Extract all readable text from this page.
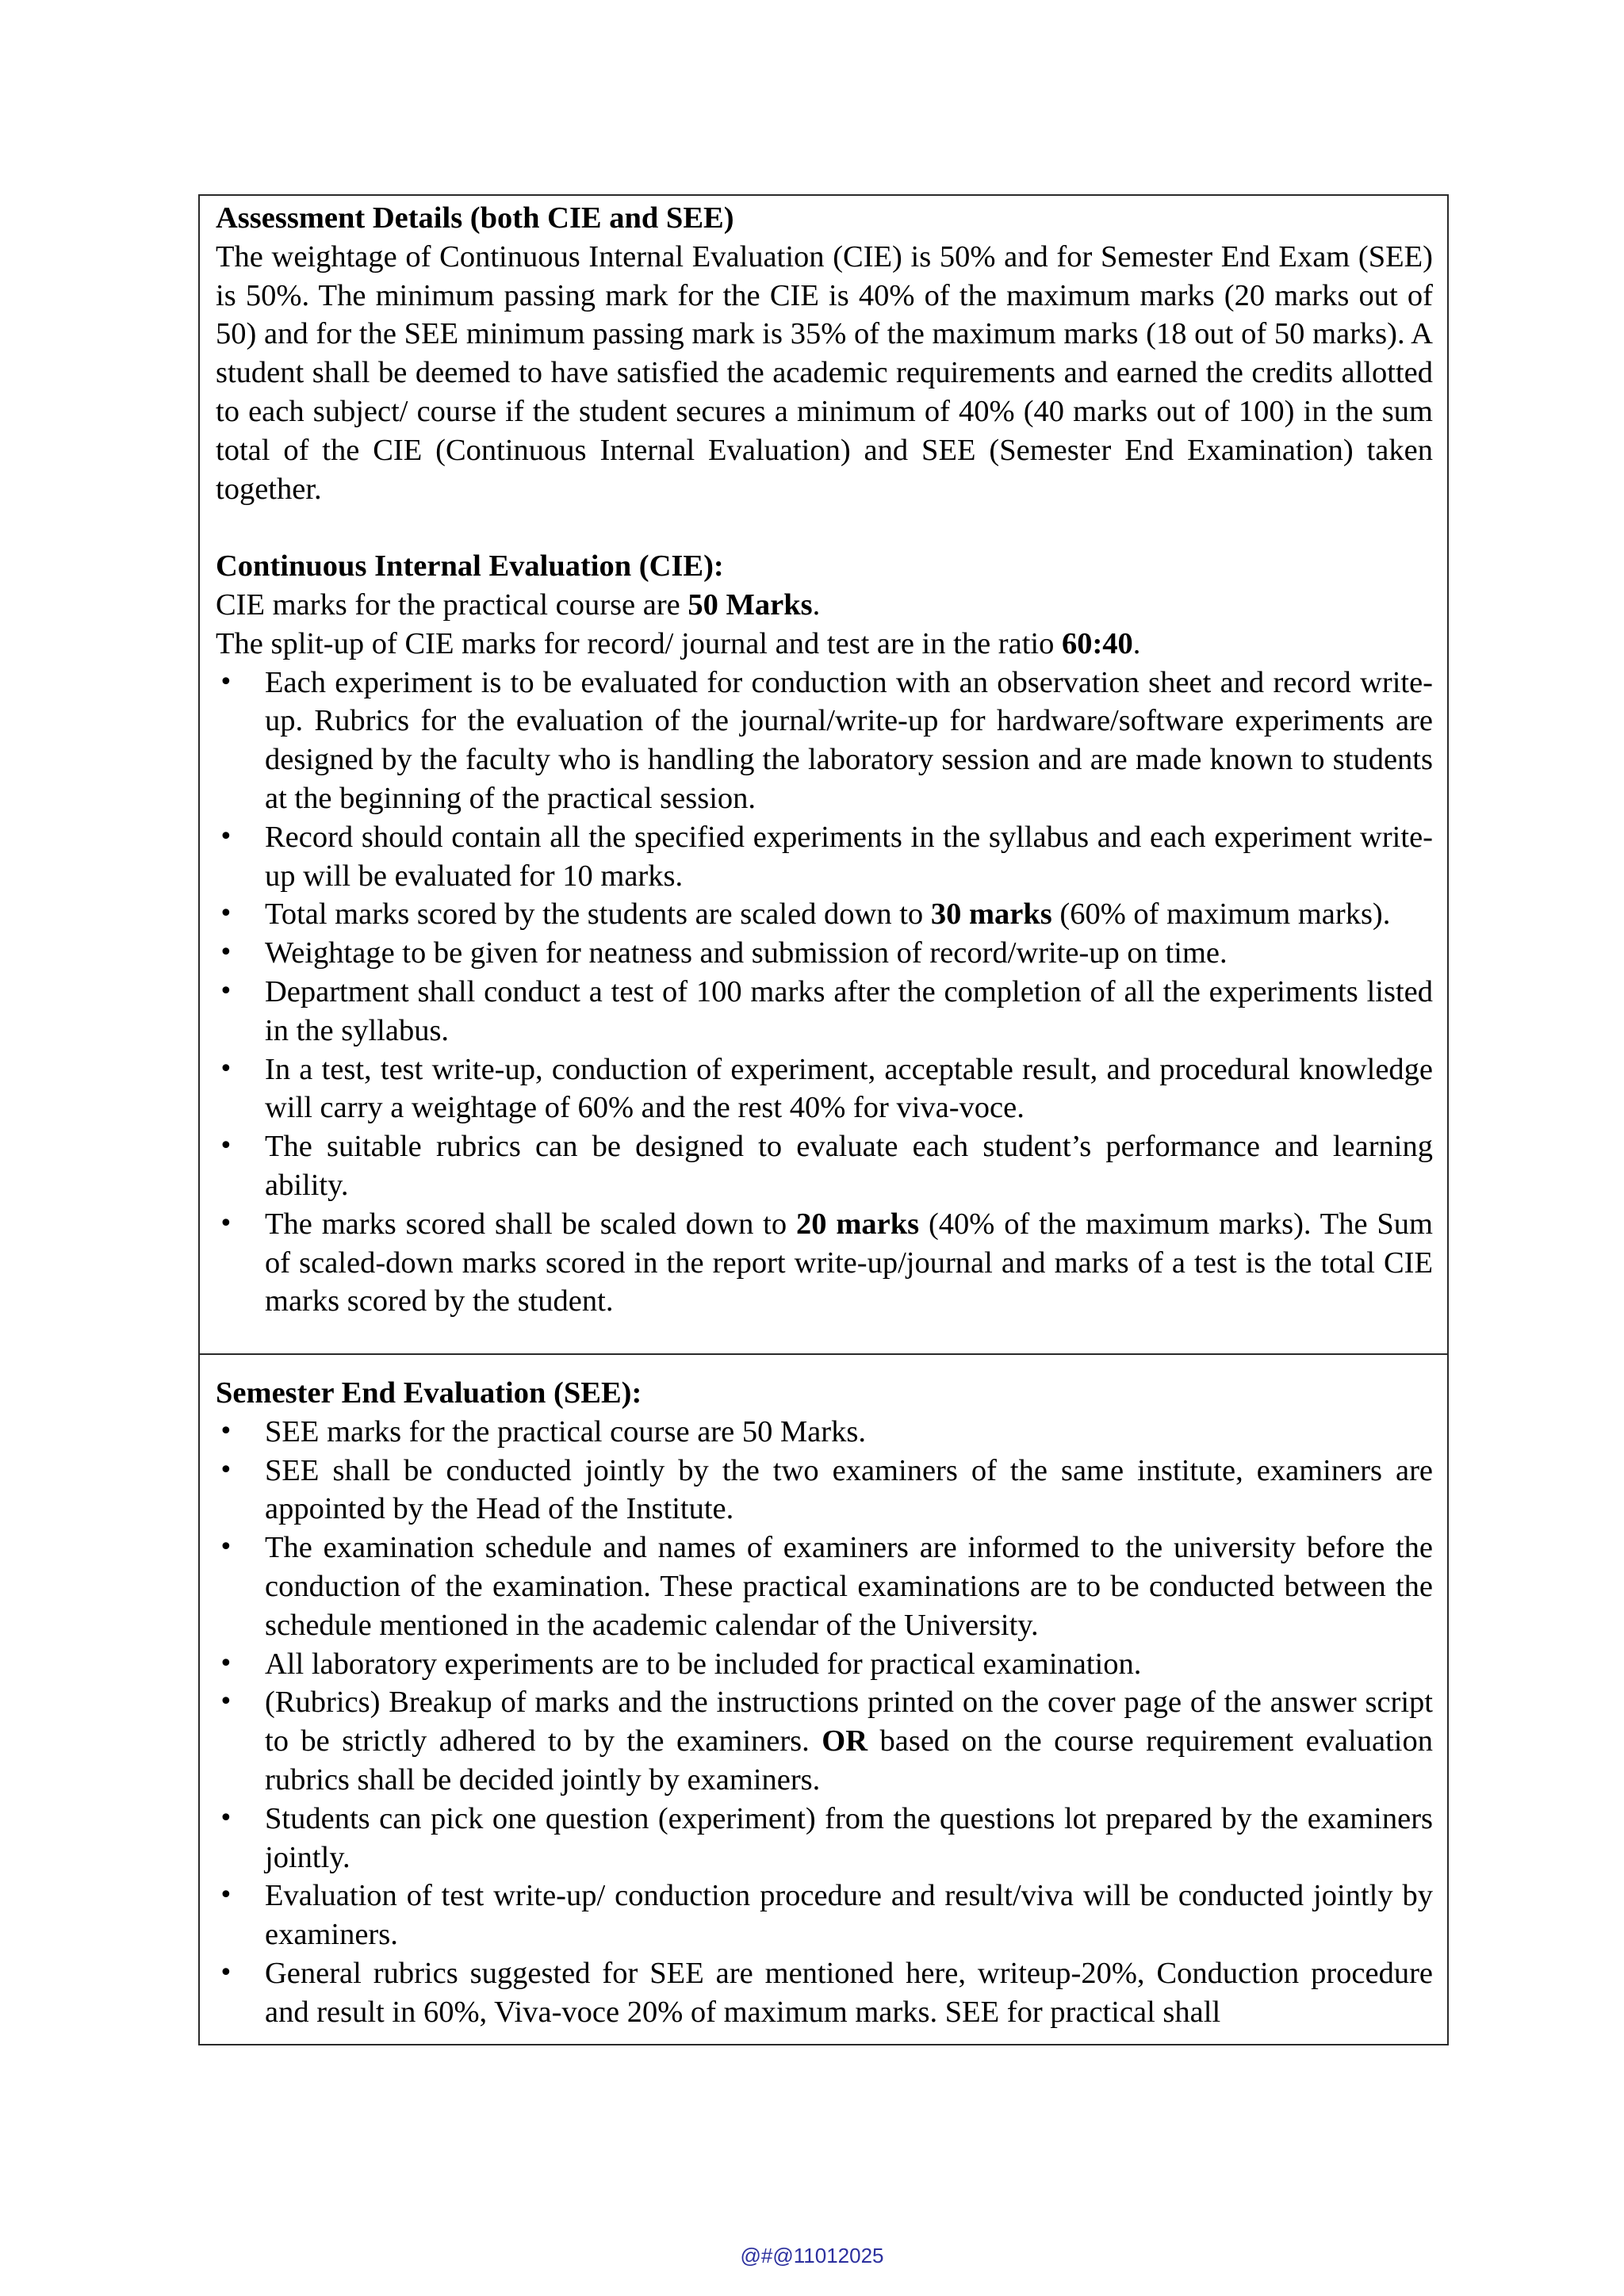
Assessment Details (both CIE and SEE)

The weightage of Continuous Internal Evaluation (CIE) is 50% and for Semester End Exam (SEE) is 50%. The minimum passing mark for the CIE is 40% of the maximum marks (20 marks out of 50) and for the SEE minimum passing mark is 35% of the maximum marks (18 out of 50 marks). A student shall be deemed to have satisfied the academic requirements and earned the credits allotted to each subject/ course if the student secures a minimum of 40% (40 marks out of 100) in the sum total of the CIE (Continuous Internal Evaluation) and SEE (Semester End Examination) taken together.

Continuous Internal Evaluation (CIE):
CIE marks for the practical course are 50 Marks.
The split-up of CIE marks for record/ journal and test are in the ratio 60:40.
• Each experiment is to be evaluated for conduction with an observation sheet and record write-up. Rubrics for the evaluation of the journal/write-up for hardware/software experiments are designed by the faculty who is handling the laboratory session and are made known to students at the beginning of the practical session.
• Record should contain all the specified experiments in the syllabus and each experiment write-up will be evaluated for 10 marks.
• Total marks scored by the students are scaled down to 30 marks (60% of maximum marks).
• Weightage to be given for neatness and submission of record/write-up on time.
• Department shall conduct a test of 100 marks after the completion of all the experiments listed in the syllabus.
• In a test, test write-up, conduction of experiment, acceptable result, and procedural knowledge will carry a weightage of 60% and the rest 40% for viva-voce.
• The suitable rubrics can be designed to evaluate each student’s performance and learning ability.
• The marks scored shall be scaled down to 20 marks (40% of the maximum marks). The Sum of scaled-down marks scored in the report write-up/journal and marks of a test is the total CIE marks scored by the student.
Semester End Evaluation (SEE):
• SEE marks for the practical course are 50 Marks.
• SEE shall be conducted jointly by the two examiners of the same institute, examiners are appointed by the Head of the Institute.
• The examination schedule and names of examiners are informed to the university before the conduction of the examination. These practical examinations are to be conducted between the schedule mentioned in the academic calendar of the University.
• All laboratory experiments are to be included for practical examination.
• (Rubrics) Breakup of marks and the instructions printed on the cover page of the answer script to be strictly adhered to by the examiners. OR based on the course requirement evaluation rubrics shall be decided jointly by examiners.
• Students can pick one question (experiment) from the questions lot prepared by the examiners jointly.
• Evaluation of test write-up/ conduction procedure and result/viva will be conducted jointly by examiners.
• General rubrics suggested for SEE are mentioned here, writeup-20%, Conduction procedure and result in 60%, Viva-voce 20% of maximum marks. SEE for practical shall
@#@11012025
